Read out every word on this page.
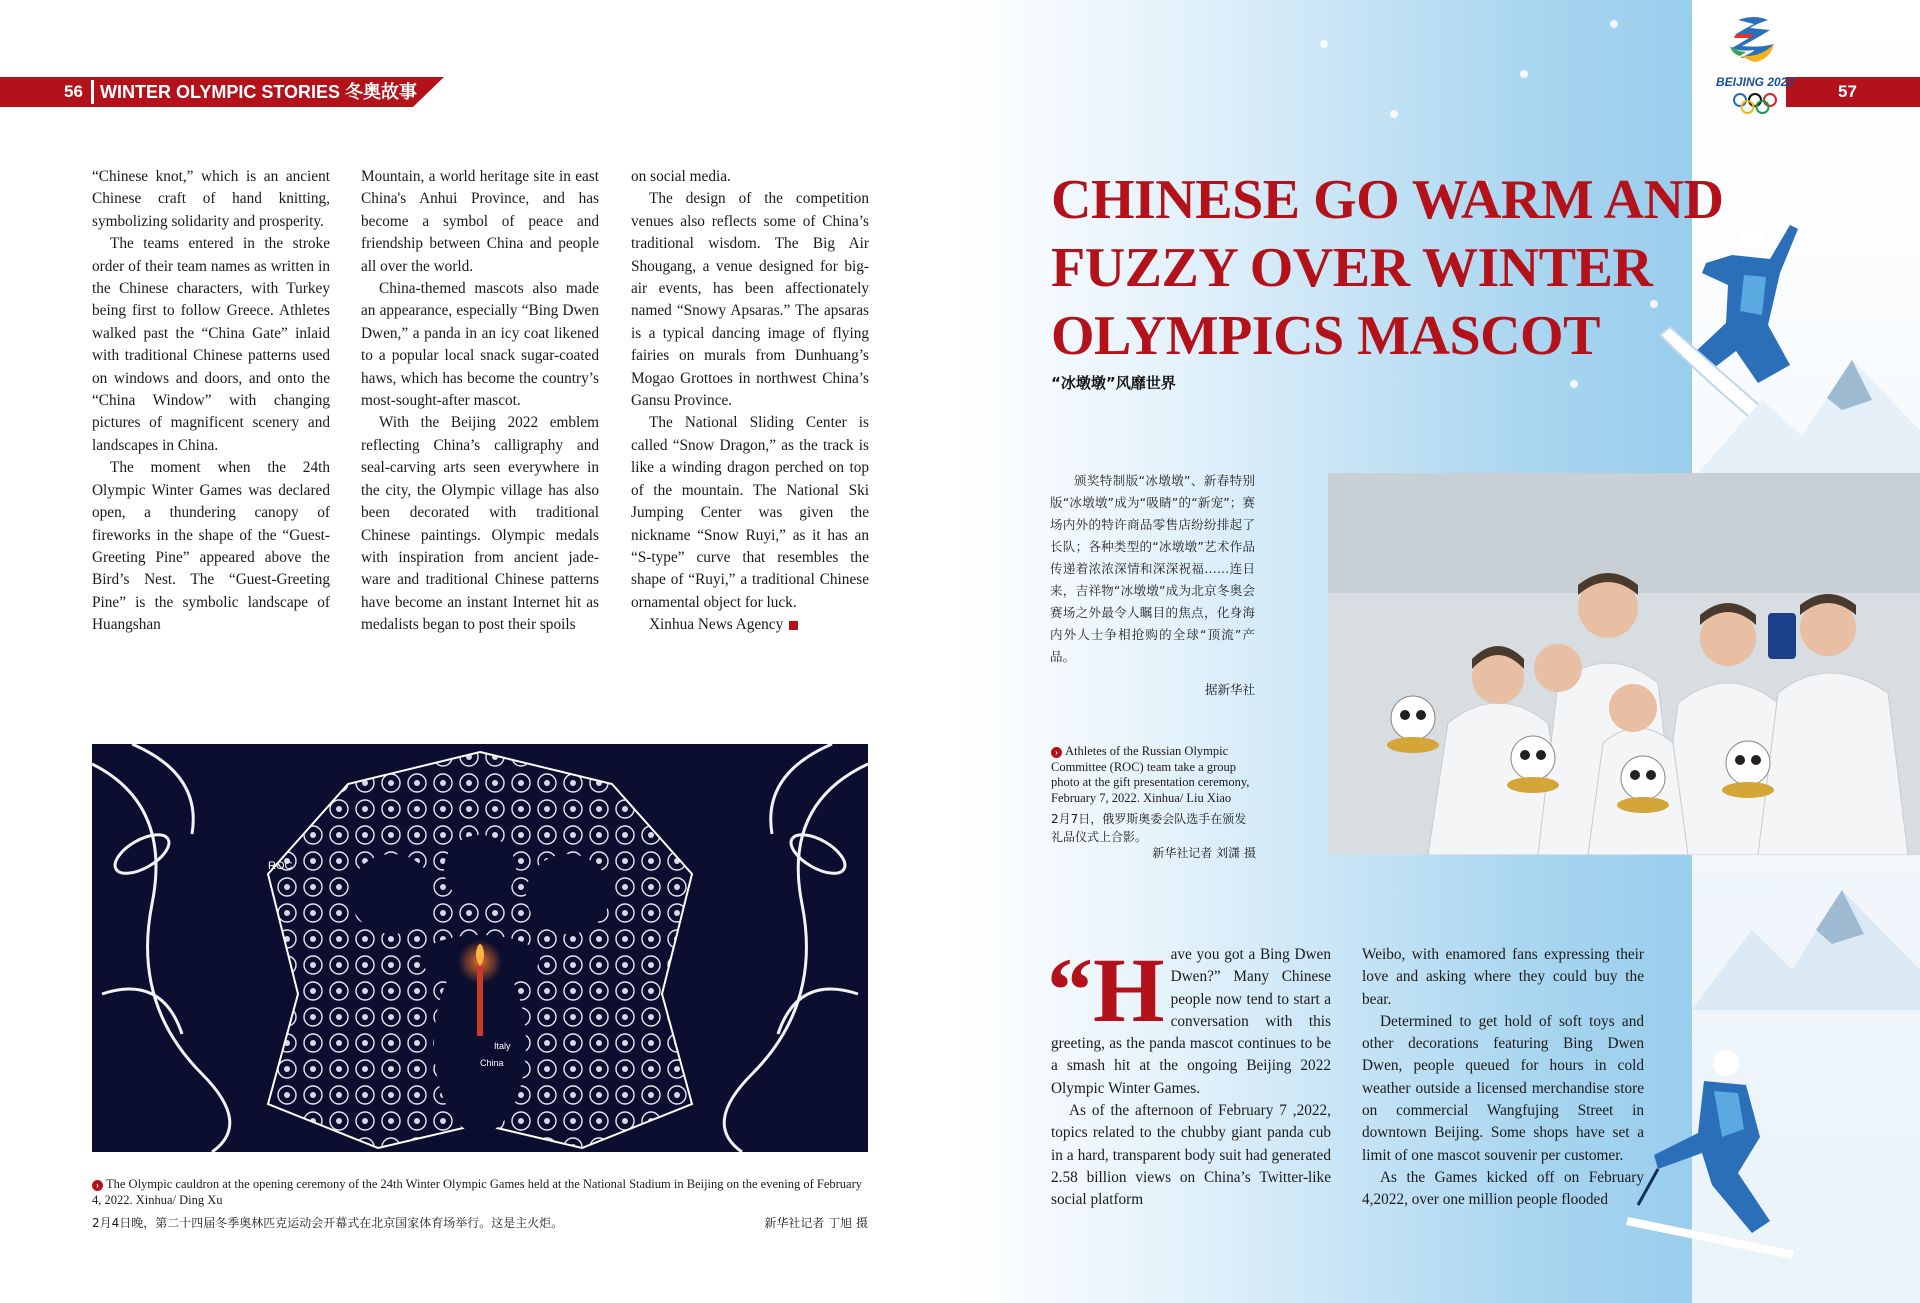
56 WINTER OLYMPIC STORIES 冬奥故事	57
BEIJING 2022

“Chinese knot,” which is an ancient Chinese craft of hand knitting, symbolizing solidarity and prosperity.

The teams entered in the stroke order of their team names as written in the Chinese characters, with Turkey being first to follow Greece. Athletes walked past the “China Gate” inlaid with traditional Chinese patterns used on windows and doors, and onto the “China Window” with changing pictures of magnificent scenery and landscapes in China.

The moment when the 24th Olympic Winter Games was declared open, a thundering canopy of fireworks in the shape of the “Guest-Greeting Pine” appeared above the Bird’s Nest. The “Guest-Greeting Pine” is the symbolic landscape of Huangshan

Mountain, a world heritage site in east China's Anhui Province, and has become a symbol of peace and friendship between China and people all over the world.

China-themed mascots also made an appearance, especially “Bing Dwen Dwen,” a panda in an icy coat likened to a popular local snack sugar-coated haws, which has become the country’s most-sought-after mascot.

With the Beijing 2022 emblem reflecting China’s calligraphy and seal-carving arts seen everywhere in the city, the Olympic village has also been decorated with traditional Chinese paintings. Olympic medals with inspiration from ancient jade-ware and traditional Chinese patterns have become an instant Internet hit as medalists began to post their spoils

on social media.

The design of the competition venues also reflects some of China’s traditional wisdom. The Big Air Shougang, a venue designed for big-air events, has been affectionately named “Snowy Apsaras.” The apsaras is a typical dancing image of flying fairies on murals from Dunhuang’s Mogao Grottoes in northwest China’s Gansu Province.

The National Sliding Center is called “Snow Dragon,” as the track is like a winding dragon perched on top of the mountain. The National Ski Jumping Center was given the nickname “Snow Ruyi,” as it has an “S-type” curve that resembles the shape of “Ruyi,” a traditional Chinese ornamental object for luck.

Xinhua News Agency

ROC
Italy
China
› The Olympic cauldron at the opening ceremony of the 24th Winter Olympic Games held at the National Stadium in Beijing on the evening of February 4, 2022. Xinhua/ Ding Xu
2月4日晚，第二十四届冬季奥林匹克运动会开幕式在北京国家体育场举行。这是主火炬。	新华社记者 丁旭 摄
CHINESE GO WARM AND FUZZY OVER WINTER OLYMPICS MASCOT
“冰墩墩”风靡世界

颁奖特制版“冰墩墩”、新春特别版“冰墩墩”成为“吸睛”的“新宠”；赛场内外的特许商品零售店纷纷排起了长队；各种类型的“冰墩墩”艺术作品传递着浓浓深情和深深祝福……连日来，吉祥物“冰墩墩”成为北京冬奥会赛场之外最令人瞩目的焦点，化身海内外人士争相抢购的全球“顶流”产品。

据新华社
› Athletes of the Russian Olympic Committee (ROC) team take a group photo at the gift presentation ceremony, February 7, 2022. Xinhua/ Liu Xiao
2月7日，俄罗斯奥委会队选手在颁发礼品仪式上合影。
新华社记者 刘潇 摄

“Have you got a Bing Dwen Dwen?” Many Chinese people now tend to start a conversation with this greeting, as the panda mascot continues to be a smash hit at the ongoing Beijing 2022 Olympic Winter Games.

As of the afternoon of February 7 ,2022, topics related to the chubby giant panda cub in a hard, transparent body suit had generated 2.58 billion views on China’s Twitter-like social platform

Weibo, with enamored fans expressing their love and asking where they could buy the bear.

Determined to get hold of soft toys and other decorations featuring Bing Dwen Dwen, people queued for hours in cold weather outside a licensed merchandise store on commercial Wangfujing Street in downtown Beijing. Some shops have set a limit of one mascot souvenir per customer.

As the Games kicked off on February 4,2022, over one million people flooded
